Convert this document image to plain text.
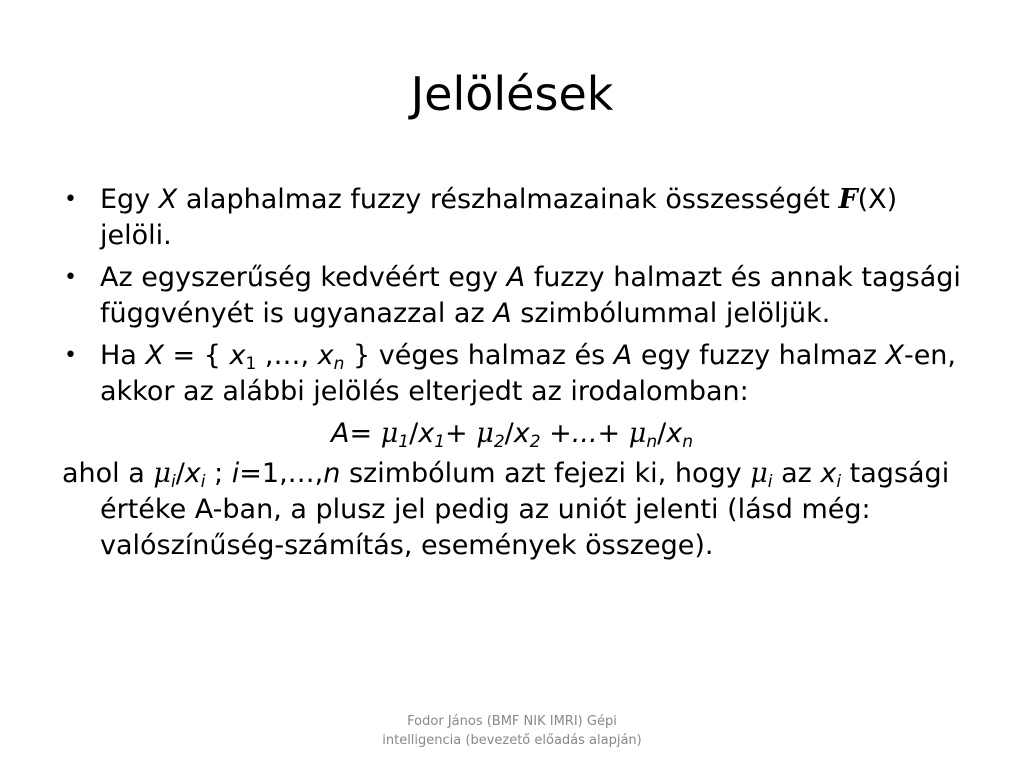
Jelölések
• Egy X alaphalmaz fuzzy részhalmazainak összességét F(X) jelöli.
• Az egyszerűség kedvéért egy A fuzzy halmazt és annak tagsági függvényét is ugyanazzal az A szimbólummal jelöljük.
• Ha X = { $x_1$ ,…, $x_n$ } véges halmaz és A egy fuzzy halmaz X-en, akkor az alábbi jelölés elterjedt az irodalomban:
$A= \mu_1/x_1+ \mu_2/x_2$ +...+ $\mu_n/x_n$
ahol a $\mu_i/x_i$ ; i=1,…,n szimbólum azt fejezi ki, hogy $\mu_i$ az $x_i$ tagsági értéke A-ban, a plusz jel pedig az uniót jelenti (lásd még: valószínűség-számítás, események összege).
Fodor János (BMF NIK IMRI) Gépi
intelligencia (bevezető előadás alapján)
